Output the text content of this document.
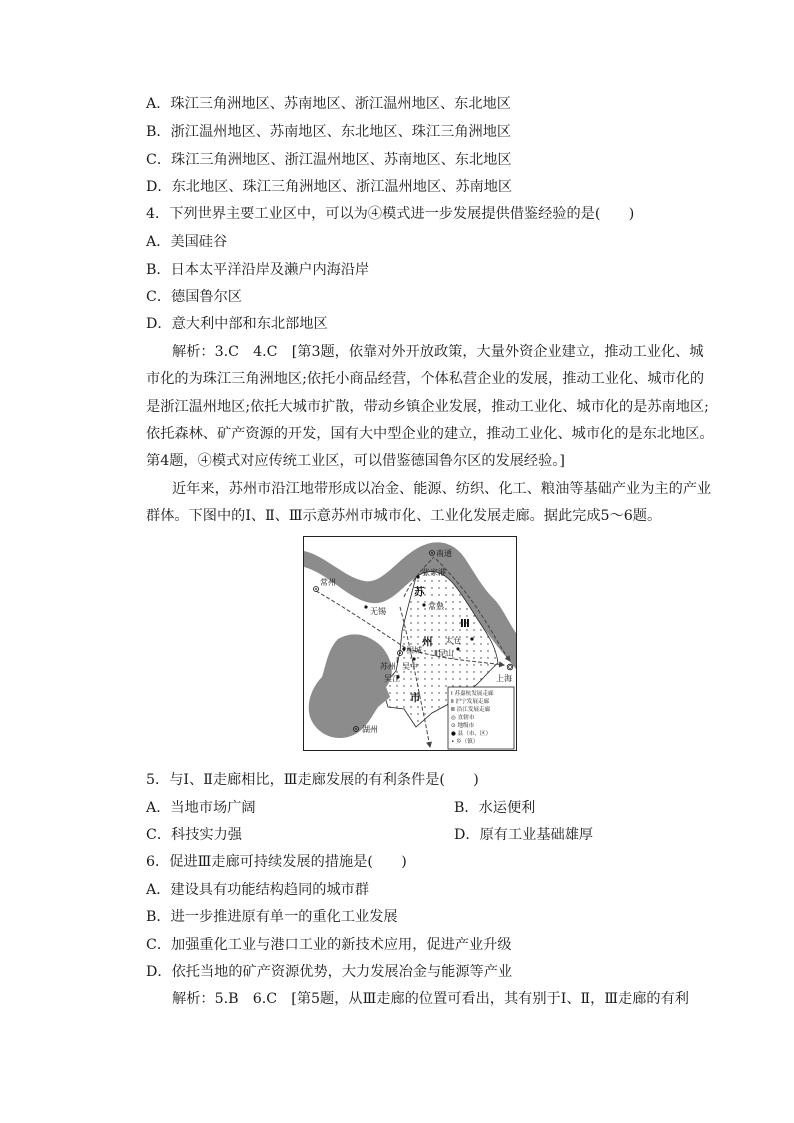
A．珠江三角洲地区、苏南地区、浙江温州地区、东北地区
B．浙江温州地区、苏南地区、东北地区、珠江三角洲地区
C．珠江三角洲地区、浙江温州地区、苏南地区、东北地区
D．东北地区、珠江三角洲地区、浙江温州地区、苏南地区
4．下列世界主要工业区中，可以为④模式进一步发展提供借鉴经验的是(　　)
A．美国硅谷
B．日本太平洋沿岸及濑户内海沿岸
C．德国鲁尔区
D．意大利中部和东北部地区
解析：3.C　4.C　[第3题，依靠对外开放政策，大量外资企业建立，推动工业化、城
市化的为珠江三角洲地区;依托小商品经营，个体私营企业的发展，推动工业化、城市化的
是浙江温州地区;依托大城市扩散，带动乡镇企业发展，推动工业化、城市化的是苏南地区;
依托森林、矿产资源的开发，国有大中型企业的建立，推动工业化、城市化的是东北地区。
第4题，④模式对应传统工业区，可以借鉴德国鲁尔区的发展经验。]
近年来，苏州市沿江地带形成以冶金、能源、纺织、化工、粮油等基础产业为主的产业
群体。下图中的Ⅰ、Ⅱ、Ⅲ示意苏州市城市化、工业化发展走廊。据此完成5～6题。
南通
张家港
常州
无锡
苏
常熟
Ⅲ
州 太仓
相城 Ⅱ昆山
苏州 吴中
Ⅰ
上海
吴江
市
湖州
Ⅰ 苏嘉杭发展走廊
Ⅱ 沪宁发展走廊
Ⅲ 沿江发展走廊
◎ 直辖市
⊙ 地级市
● 县（市、区）
• 乡（镇）
5．与Ⅰ、Ⅱ走廊相比，Ⅲ走廊发展的有利条件是(　　)
A．当地市场广阔	B．水运便利
C．科技实力强	D．原有工业基础雄厚
6．促进Ⅲ走廊可持续发展的措施是(　　)
A．建设具有功能结构趋同的城市群
B．进一步推进原有单一的重化工业发展
C．加强重化工业与港口工业的新技术应用，促进产业升级
D．依托当地的矿产资源优势，大力发展冶金与能源等产业
解析：5.B　6.C　[第5题，从Ⅲ走廊的位置可看出，其有别于Ⅰ、Ⅱ，Ⅲ走廊的有利
